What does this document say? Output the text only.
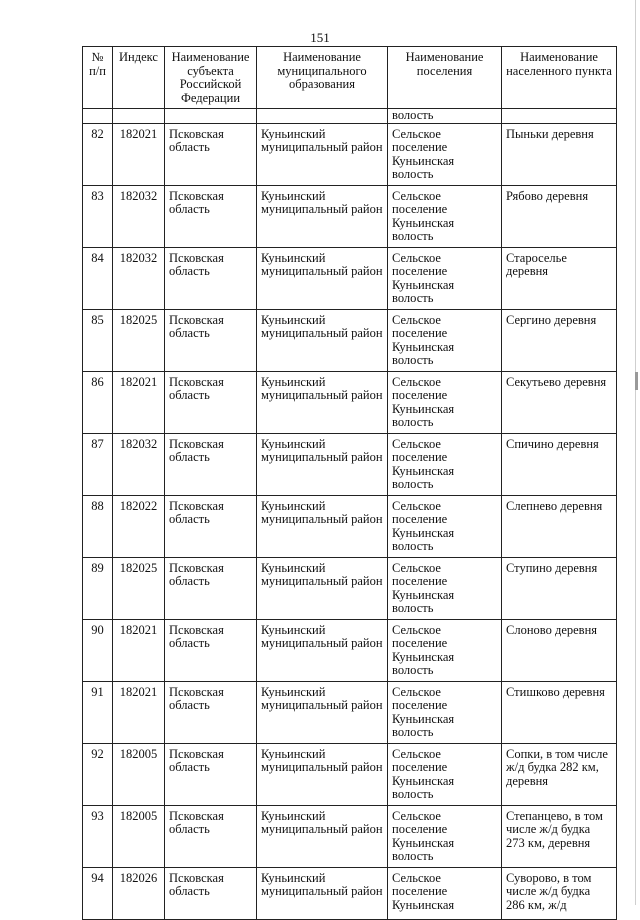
151
№ п/п	Индекс	Наименование субъекта Российской Федерации	Наименование муниципального образования	Наименование поселения	Наименование населенного пункта
				волость	
82	182021	Псковская область	Куньинский муниципальный район	Сельское поселение Куньинская волость	Пыньки деревня
83	182032	Псковская область	Куньинский муниципальный район	Сельское поселение Куньинская волость	Рябово деревня
84	182032	Псковская область	Куньинский муниципальный район	Сельское поселение Куньинская волость	Староселье деревня
85	182025	Псковская область	Куньинский муниципальный район	Сельское поселение Куньинская волость	Сергино деревня
86	182021	Псковская область	Куньинский муниципальный район	Сельское поселение Куньинская волость	Секутьево деревня
87	182032	Псковская область	Куньинский муниципальный район	Сельское поселение Куньинская волость	Спичино деревня
88	182022	Псковская область	Куньинский муниципальный район	Сельское поселение Куньинская волость	Слепнево деревня
89	182025	Псковская область	Куньинский муниципальный район	Сельское поселение Куньинская волость	Ступино деревня
90	182021	Псковская область	Куньинский муниципальный район	Сельское поселение Куньинская волость	Слоново деревня
91	182021	Псковская область	Куньинский муниципальный район	Сельское поселение Куньинская волость	Стишково деревня
92	182005	Псковская область	Куньинский муниципальный район	Сельское поселение Куньинская волость	Сопки, в том числе ж/д будка 282 км, деревня
93	182005	Псковская область	Куньинский муниципальный район	Сельское поселение Куньинская волость	Степанцево, в том числе ж/д будка 273 км, деревня
94	182026	Псковская область	Куньинский муниципальный район	Сельское поселение Куньинская	Суворово, в том числе ж/д будка 286 км, ж/д
